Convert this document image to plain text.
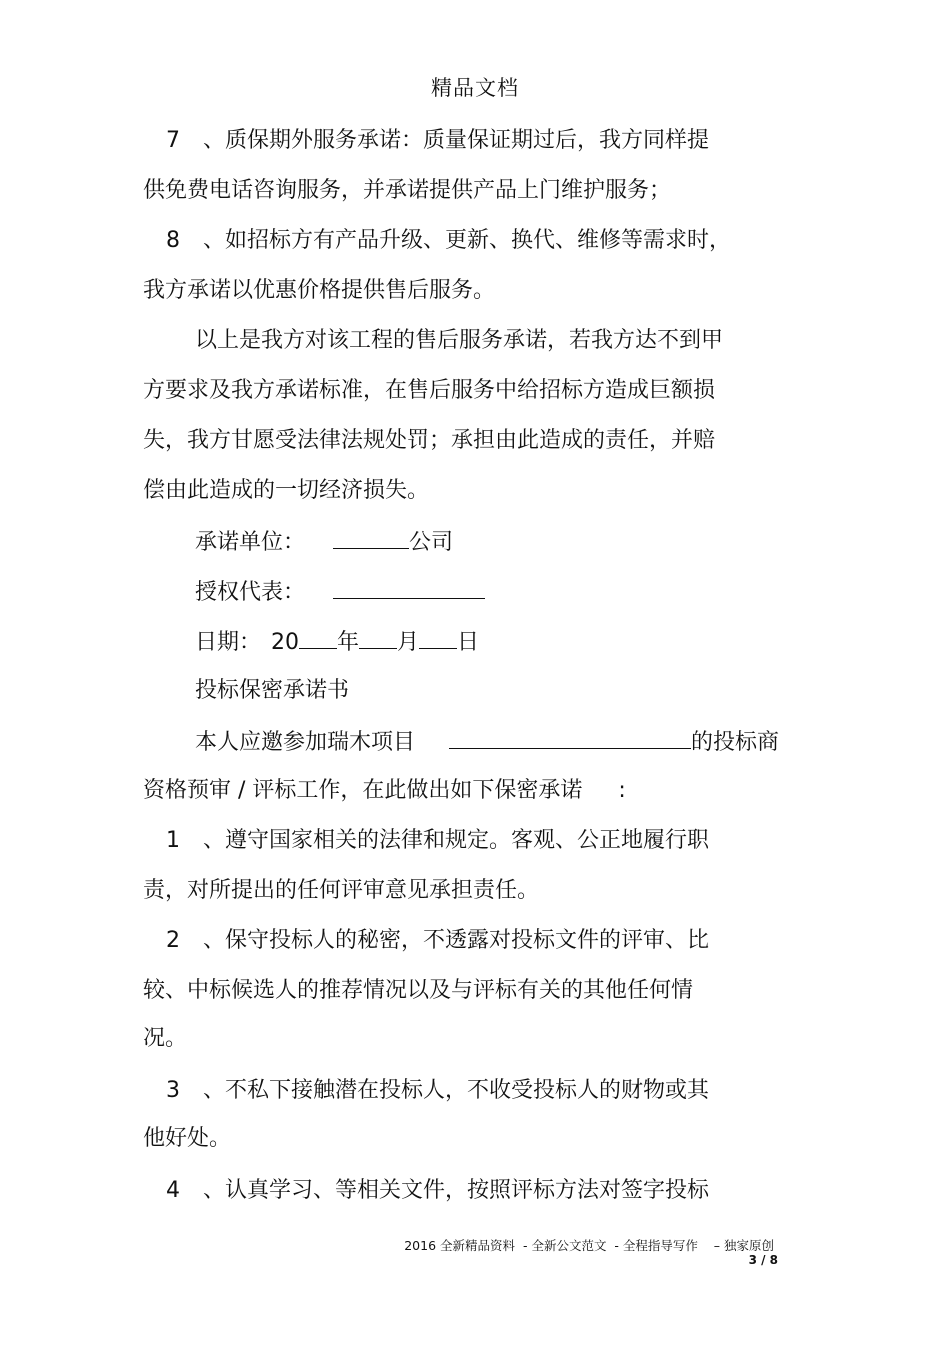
精品文档
7 、质保期外服务承诺：质量保证期过后，我方同样提
供免费电话咨询服务，并承诺提供产品上门维护服务；
8 、如招标方有产品升级、更新、换代、维修等需求时，
我方承诺以优惠价格提供售后服务。
以上是我方对该工程的售后服务承诺，若我方达不到甲
方要求及我方承诺标准，在售后服务中给招标方造成巨额损
失，我方甘愿受法律法规处罚；承担由此造成的责任，并赔
偿由此造成的一切经济损失。
承诺单位：	公司
授权代表：
日期： 20 年 月 日
投标保密承诺书
本人应邀参加瑞木项目	的投标商
资格预审 / 评标工作，在此做出如下保密承诺 :
1 、遵守国家相关的法律和规定。客观、公正地履行职
责，对所提出的任何评审意见承担责任。
2 、保守投标人的秘密，不透露对投标文件的评审、比
较、中标候选人的推荐情况以及与评标有关的其他任何情
况。
3 、不私下接触潜在投标人，不收受投标人的财物或其
他好处。
4 、认真学习、等相关文件，按照评标方法对签字投标
2016 全新精品资料  - 全新公文范文  - 全程指导写作    – 独家原创
3 / 8
